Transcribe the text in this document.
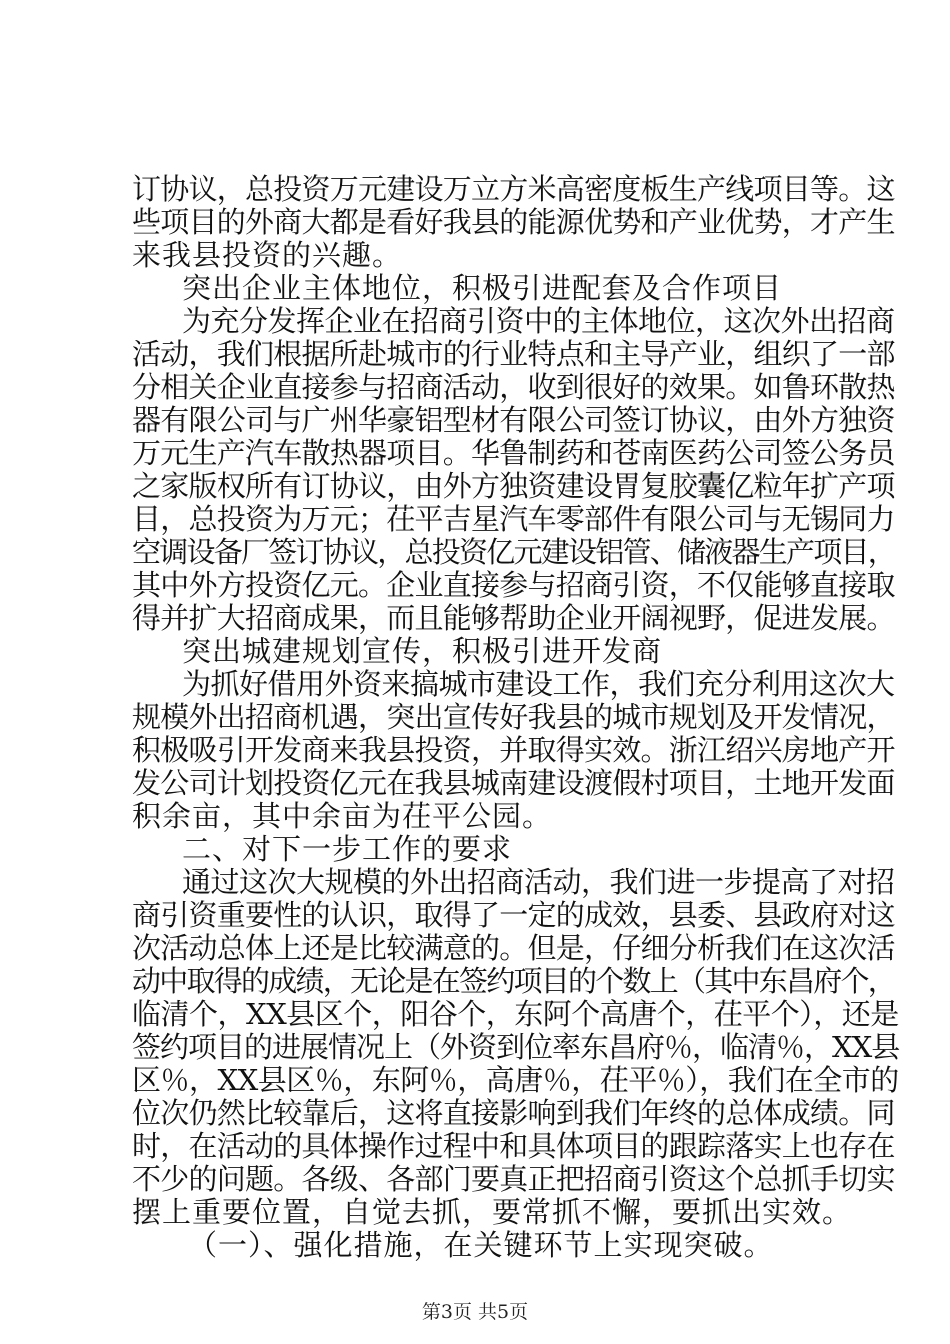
订协议，总投资万元建设万立方米高密度板生产线项目等。这
些项目的外商大都是看好我县的能源优势和产业优势，才产生
来我县投资的兴趣。
突出企业主体地位，积极引进配套及合作项目
为充分发挥企业在招商引资中的主体地位，这次外出招商
活动，我们根据所赴城市的行业特点和主导产业，组织了一部
分相关企业直接参与招商活动，收到很好的效果。如鲁环散热
器有限公司与广州华豪铝型材有限公司签订协议，由外方独资
万元生产汽车散热器项目。华鲁制药和苍南医药公司签公务员
之家版权所有订协议，由外方独资建设胃复胶囊亿粒年扩产项
目，总投资为万元；茌平吉星汽车零部件有限公司与无锡同力
空调设备厂签订协议，总投资亿元建设铝管、储液器生产项目，
其中外方投资亿元。企业直接参与招商引资，不仅能够直接取
得并扩大招商成果，而且能够帮助企业开阔视野，促进发展。
突出城建规划宣传，积极引进开发商
为抓好借用外资来搞城市建设工作，我们充分利用这次大
规模外出招商机遇，突出宣传好我县的城市规划及开发情况，
积极吸引开发商来我县投资，并取得实效。浙江绍兴房地产开
发公司计划投资亿元在我县城南建设渡假村项目，土地开发面
积余亩，其中余亩为茌平公园。
二、对下一步工作的要求
通过这次大规模的外出招商活动，我们进一步提高了对招
商引资重要性的认识，取得了一定的成效，县委、县政府对这
次活动总体上还是比较满意的。但是，仔细分析我们在这次活
动中取得的成绩，无论是在签约项目的个数上（其中东昌府个，
临清个，XX县区个，阳谷个，东阿个高唐个，茌平个），还是
签约项目的进展情况上（外资到位率东昌府％，临清％，XX县
区％，XX县区％，东阿％，高唐％，茌平％），我们在全市的
位次仍然比较靠后，这将直接影响到我们年终的总体成绩。同
时，在活动的具体操作过程中和具体项目的跟踪落实上也存在
不少的问题。各级、各部门要真正把招商引资这个总抓手切实
摆上重要位置，自觉去抓，要常抓不懈，要抓出实效。
（一）、强化措施，在关键环节上实现突破。
第3页 共5页
